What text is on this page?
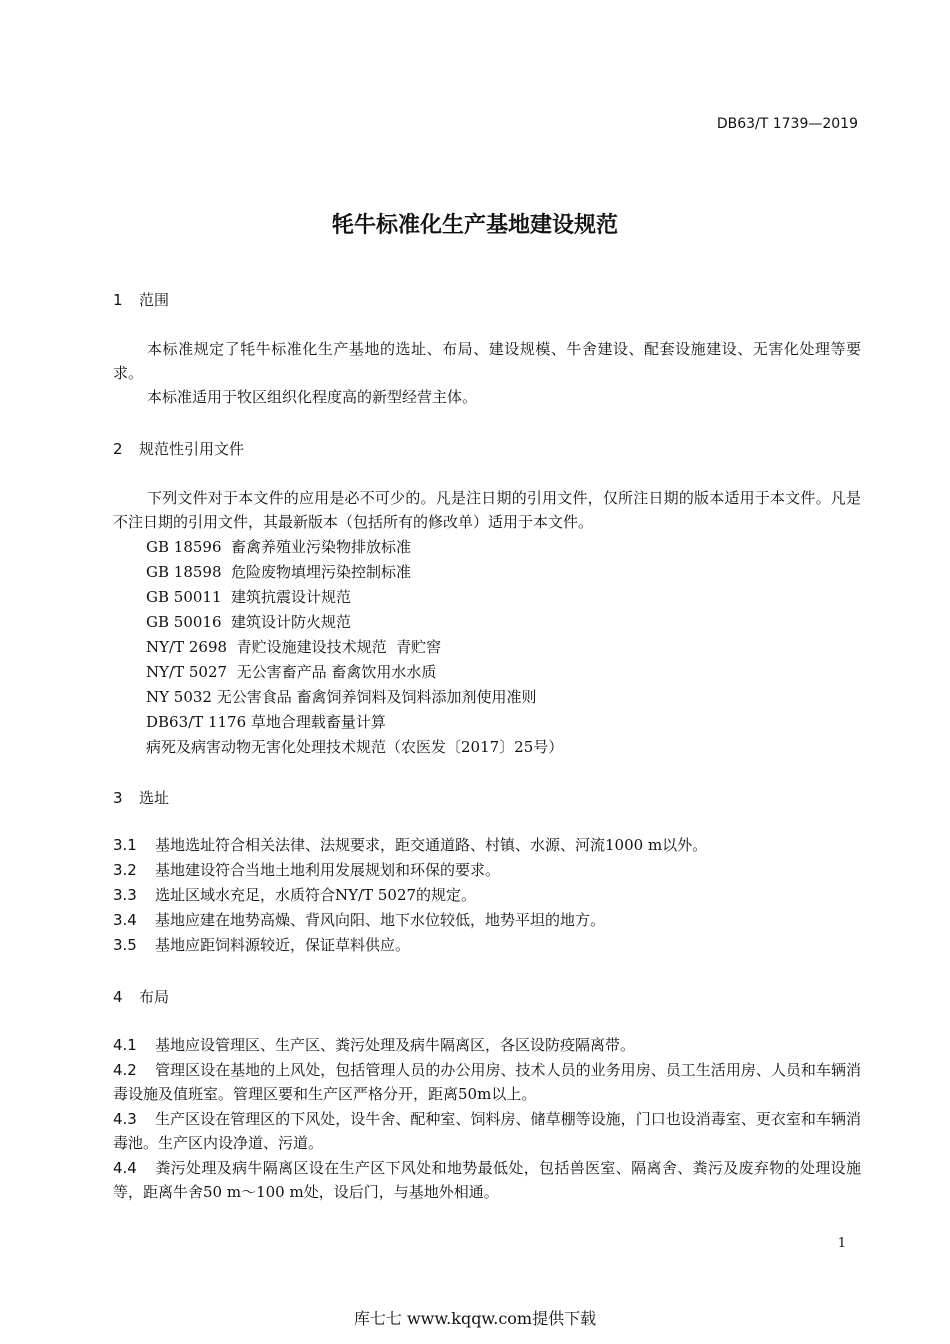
DB63/T 1739—2019
牦牛标准化生产基地建设规范
1 范围
本标准规定了牦牛标准化生产基地的选址、布局、建设规模、牛舍建设、配套设施建设、无害化处理等要求。
本标准适用于牧区组织化程度高的新型经营主体。
2 规范性引用文件
下列文件对于本文件的应用是必不可少的。凡是注日期的引用文件，仅所注日期的版本适用于本文件。凡是不注日期的引用文件，其最新版本（包括所有的修改单）适用于本文件。
GB 18596  畜禽养殖业污染物排放标准
GB 18598  危险废物填埋污染控制标准
GB 50011  建筑抗震设计规范
GB 50016  建筑设计防火规范
NY/T 2698  青贮设施建设技术规范  青贮窖
NY/T 5027  无公害畜产品 畜禽饮用水水质
NY 5032 无公害食品 畜禽饲养饲料及饲料添加剂使用准则
DB63/T 1176 草地合理载畜量计算
病死及病害动物无害化处理技术规范（农医发〔2017〕25号）
3 选址
3.1 基地选址符合相关法律、法规要求，距交通道路、村镇、水源、河流1000 m以外。
3.2 基地建设符合当地土地利用发展规划和环保的要求。
3.3 选址区域水充足，水质符合NY/T 5027的规定。
3.4 基地应建在地势高燥、背风向阳、地下水位较低，地势平坦的地方。
3.5 基地应距饲料源较近，保证草料供应。
4 布局
4.1 基地应设管理区、生产区、粪污处理及病牛隔离区，各区设防疫隔离带。
4.2 管理区设在基地的上风处，包括管理人员的办公用房、技术人员的业务用房、员工生活用房、人员和车辆消毒设施及值班室。管理区要和生产区严格分开，距离50m以上。
4.3 生产区设在管理区的下风处，设牛舍、配种室、饲料房、储草棚等设施，门口也设消毒室、更衣室和车辆消毒池。生产区内设净道、污道。
4.4 粪污处理及病牛隔离区设在生产区下风处和地势最低处，包括兽医室、隔离舍、粪污及废弃物的处理设施等，距离牛舍50 m～100 m处，设后门，与基地外相通。
1
库七七 www.kqqw.com提供下载
